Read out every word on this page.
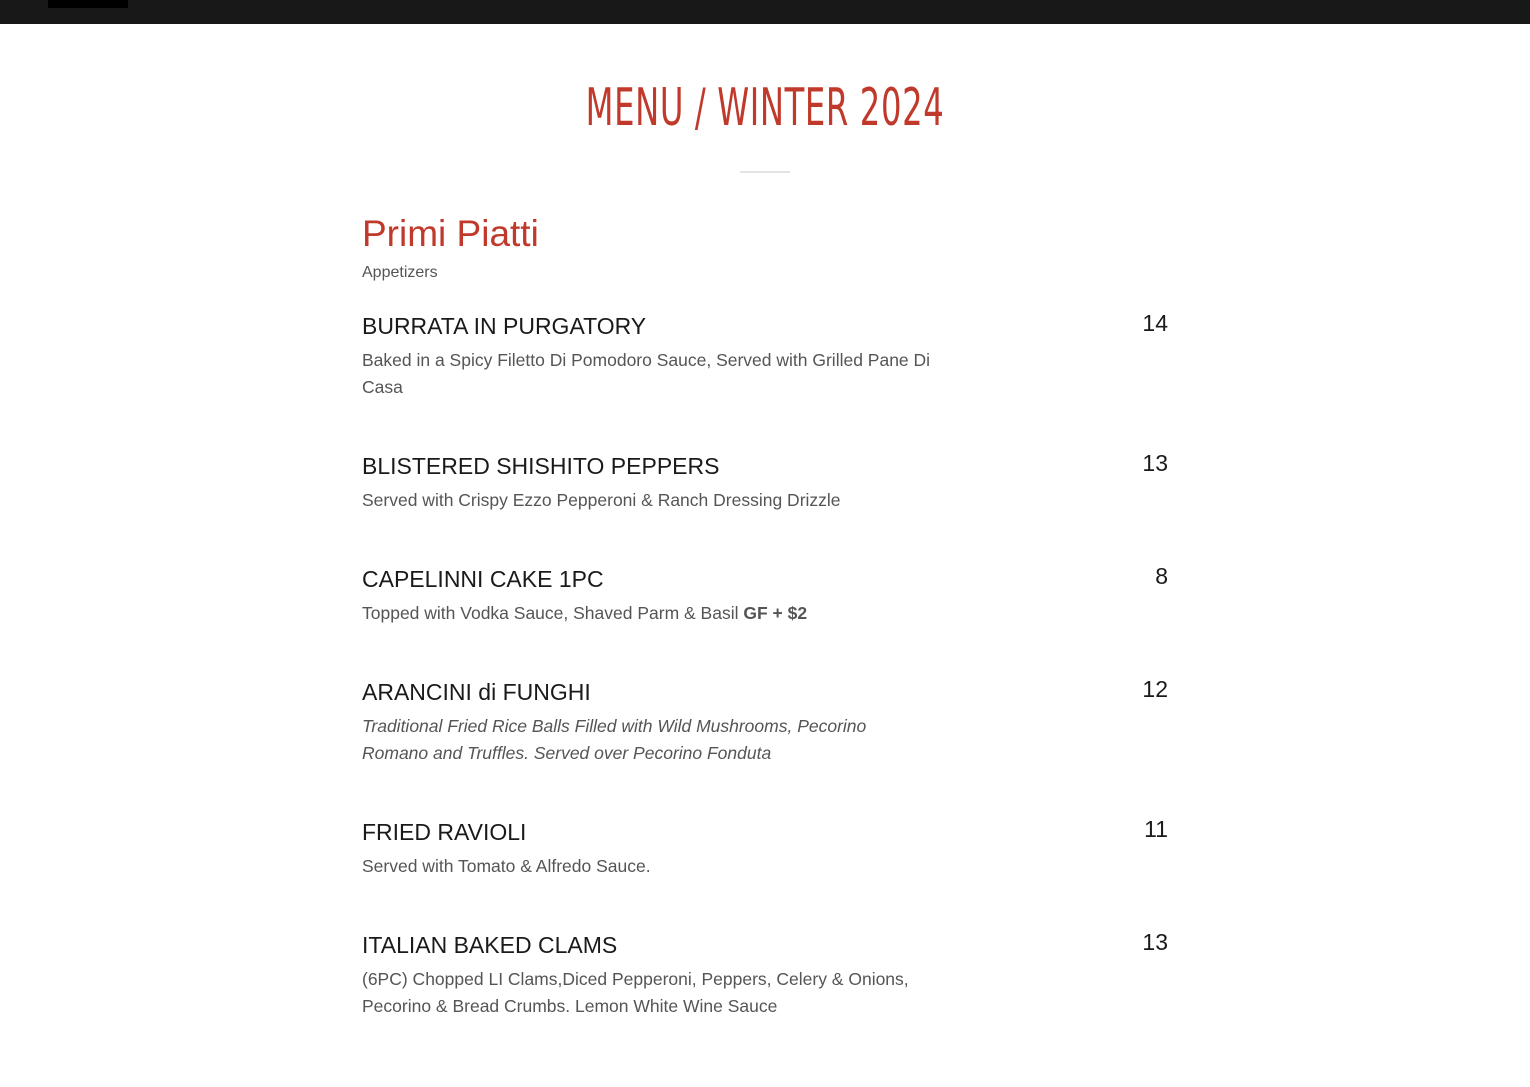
MENU / WINTER 2024
Primi Piatti
Appetizers
BURRATA IN PURGATORY	14
Baked in a Spicy Filetto Di Pomodoro Sauce, Served with Grilled Pane Di Casa
BLISTERED SHISHITO PEPPERS	13
Served with Crispy Ezzo Pepperoni & Ranch Dressing Drizzle
CAPELINNI CAKE 1PC	8
Topped with Vodka Sauce, Shaved Parm & Basil GF + $2
ARANCINI di FUNGHI	12
Traditional Fried Rice Balls Filled with Wild Mushrooms, Pecorino Romano and Truffles. Served over Pecorino Fonduta
FRIED RAVIOLI	11
Served with Tomato & Alfredo Sauce.
ITALIAN BAKED CLAMS	13
(6PC) Chopped LI Clams,Diced Pepperoni, Peppers, Celery & Onions, Pecorino & Bread Crumbs. Lemon White Wine Sauce
